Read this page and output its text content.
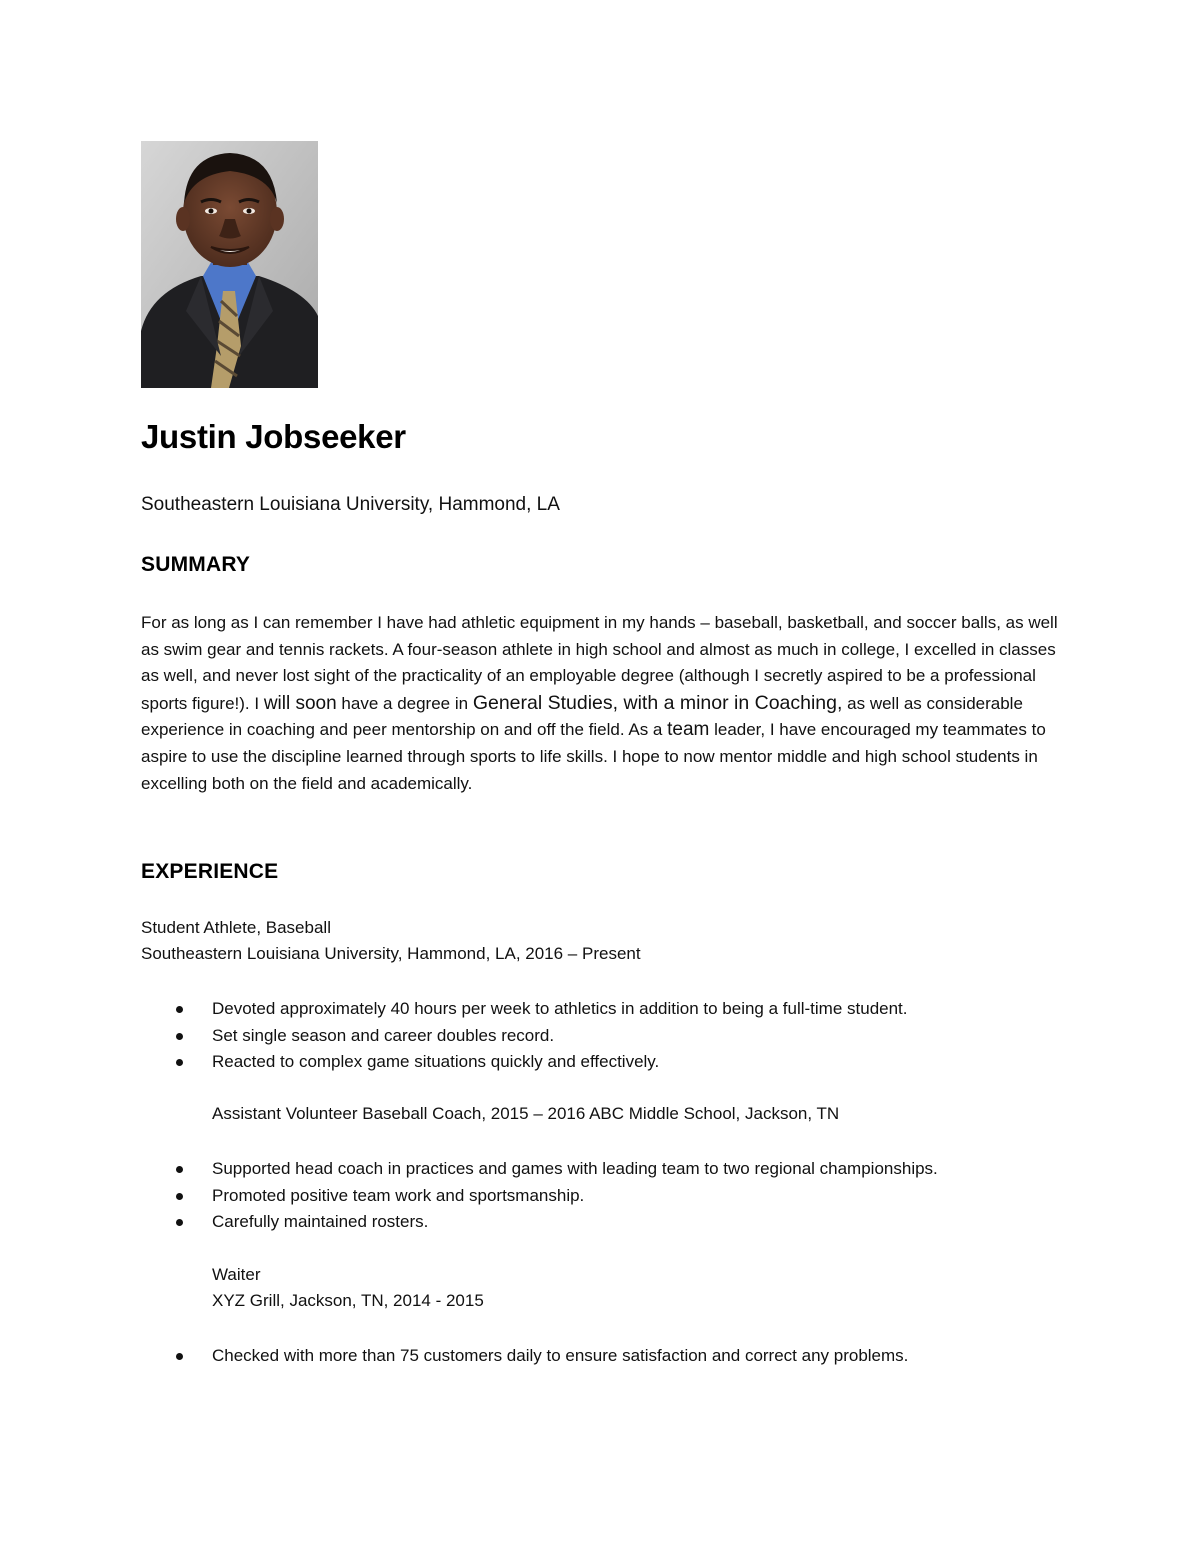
Justin Jobseeker
Southeastern Louisiana University, Hammond, LA
SUMMARY

For as long as I can remember I have had athletic equipment in my hands – baseball, basketball, and soccer balls, as well as swim gear and tennis rackets. A four-season athlete in high school and almost as much in college, I excelled in classes as well, and never lost sight of the practicality of an employable degree (although I secretly aspired to be a professional sports figure!). I will soon have a degree in General Studies, with a minor in Coaching, as well as considerable experience in coaching and peer mentorship on and off the field. As a team leader, I have encouraged my teammates to aspire to use the discipline learned through sports to life skills. I hope to now mentor middle and high school students in excelling both on the field and academically.

EXPERIENCE
Student Athlete, Baseball
Southeastern Louisiana University, Hammond, LA, 2016 – Present
Devoted approximately 40 hours per week to athletics in addition to being a full-time student.
Set single season and career doubles record.
Reacted to complex game situations quickly and effectively.
Assistant Volunteer Baseball Coach, 2015 – 2016 ABC Middle School, Jackson, TN
Supported head coach in practices and games with leading team to two regional championships.
Promoted positive team work and sportsmanship.
Carefully maintained rosters.
Waiter
XYZ Grill, Jackson, TN, 2014 - 2015
Checked with more than 75 customers daily to ensure satisfaction and correct any problems.
